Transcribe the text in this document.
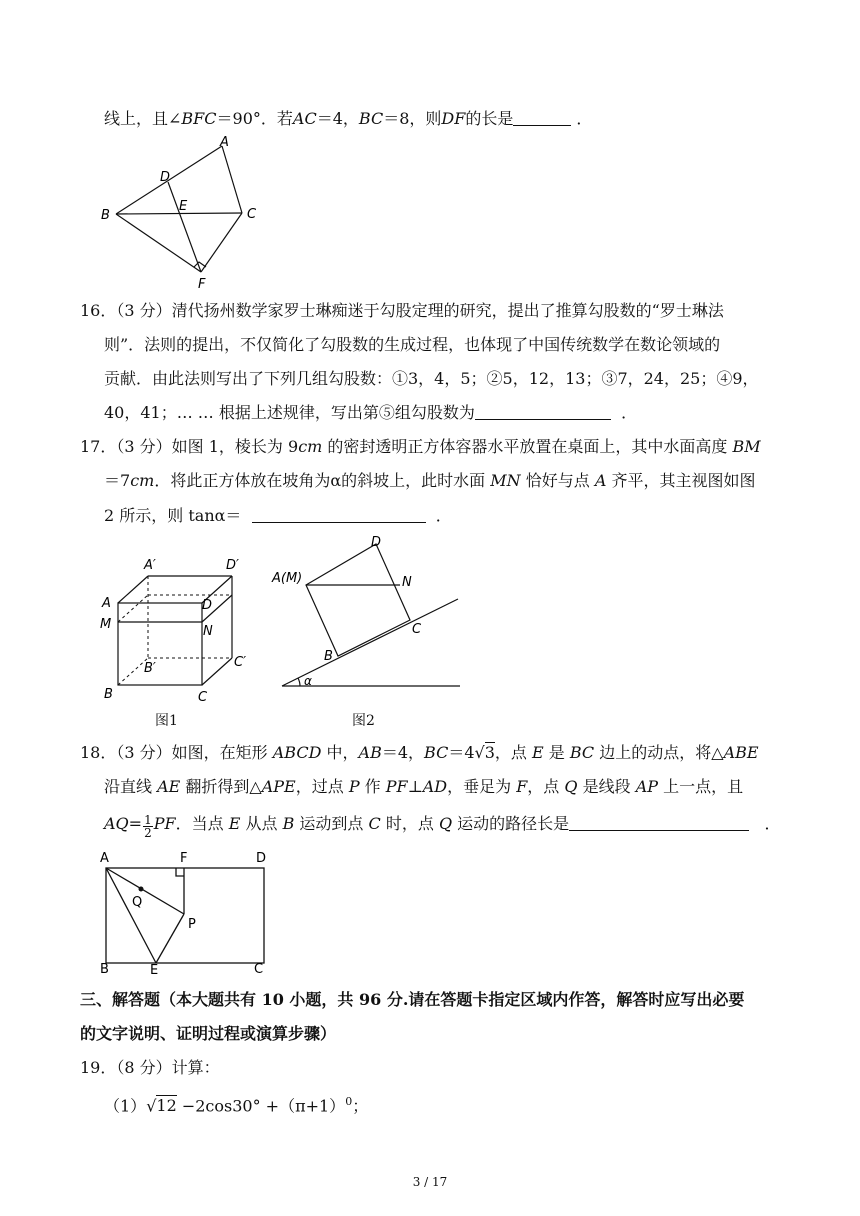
线上，且∠BFC＝90°．若AC＝4，BC＝8，则DF的长是	．
A
B	C
D
E
F
16．（3 分）清代扬州数学家罗士琳痴迷于勾股定理的研究，提出了推算勾股数的“罗士琳法
则”．法则的提出，不仅简化了勾股数的生成过程，也体现了中国传统数学在数论领域的
贡献．由此法则写出了下列几组勾股数：①3，4，5；②5，12，13；③7，24，25；④9，
40，41；… … 根据上述规律，写出第⑤组勾股数为	．
17．（3 分）如图 1，棱长为 9cm 的密封透明正方体容器水平放置在桌面上，其中水面高度 BM
＝7cm．将此正方体放在坡角为α的斜坡上，此时水面 MN 恰好与点 A 齐平，其主视图如图
2 所示，则 tanα＝	．
A′	D′
A	D
M	N
B′	C′
B	C
图1
D
A(M)	N
C
B
α
图2
18．（3 分）如图，在矩形 ABCD 中，AB＝4，BC＝4√3，点 E 是 BC 边上的动点，将△ABE
沿直线 AE 翻折得到△APE，过点 P 作 PF⊥AD，垂足为 F，点 Q 是线段 AP 上一点，且
$AQ= \frac{1}{2}$ PF．当点 E 从点 B 运动到点 C 时，点 Q 运动的路径长是	．
A	F	D
Q
P
B	E	C
三、解答题（本大题共有 10 小题，共 96 分.请在答题卡指定区域内作答，解答时应写出必要
的文字说明、证明过程或演算步骤）
19．（8 分）计算：
$(1)√12 -2\cos 30^\circ +(\pi+1)^0$；
3 / 17
